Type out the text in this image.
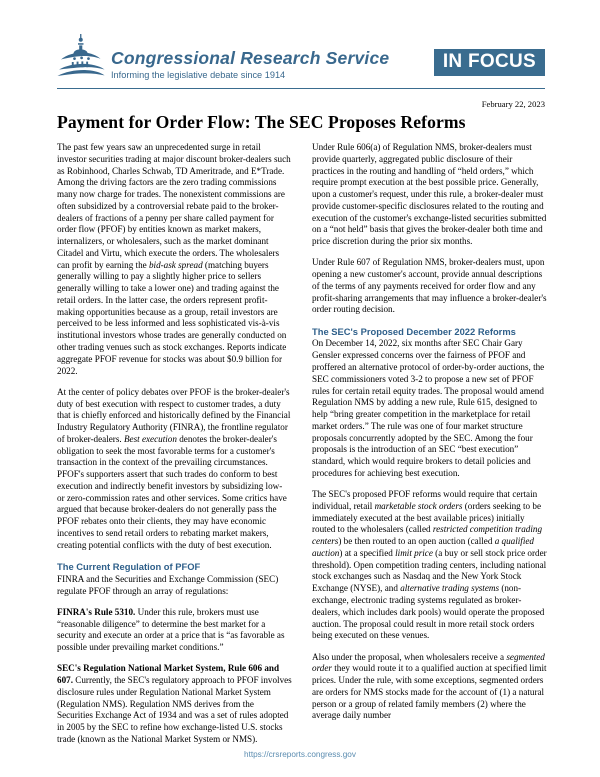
Congressional Research Service
Informing the legislative debate since 1914
IN FOCUS
February 22, 2023
Payment for Order Flow: The SEC Proposes Reforms

The past few years saw an unprecedented surge in retail investor securities trading at major discount broker-dealers such as Robinhood, Charles Schwab, TD Ameritrade, and E*Trade. Among the driving factors are the zero trading commissions many now charge for trades. The nonexistent commissions are often subsidized by a controversial rebate paid to the broker-dealers of fractions of a penny per share called payment for order flow (PFOF) by entities known as market makers, internalizers, or wholesalers, such as the market dominant Citadel and Virtu, which execute the orders. The wholesalers can profit by earning the bid-ask spread (matching buyers generally willing to pay a slightly higher price to sellers generally willing to take a lower one) and trading against the retail orders. In the latter case, the orders represent profit-making opportunities because as a group, retail investors are perceived to be less informed and less sophisticated vis-à-vis institutional investors whose trades are generally conducted on other trading venues such as stock exchanges. Reports indicate aggregate PFOF revenue for stocks was about $0.9 billion for 2022.

At the center of policy debates over PFOF is the broker-dealer's duty of best execution with respect to customer trades, a duty that is chiefly enforced and historically defined by the Financial Industry Regulatory Authority (FINRA), the frontline regulator of broker-dealers. Best execution denotes the broker-dealer's obligation to seek the most favorable terms for a customer's transaction in the context of the prevailing circumstances. PFOF's supporters assert that such trades do conform to best execution and indirectly benefit investors by subsidizing low- or zero-commission rates and other services. Some critics have argued that because broker-dealers do not generally pass the PFOF rebates onto their clients, they may have economic incentives to send retail orders to rebating market makers, creating potential conflicts with the duty of best execution.

The Current Regulation of PFOF

FINRA and the Securities and Exchange Commission (SEC) regulate PFOF through an array of regulations:

FINRA's Rule 5310. Under this rule, brokers must use “reasonable diligence” to determine the best market for a security and execute an order at a price that is “as favorable as possible under prevailing market conditions.”

SEC's Regulation National Market System, Rule 606 and 607. Currently, the SEC's regulatory approach to PFOF involves disclosure rules under Regulation National Market System (Regulation NMS). Regulation NMS derives from the Securities Exchange Act of 1934 and was a set of rules adopted in 2005 by the SEC to refine how exchange-listed U.S. stocks trade (known as the National Market System or NMS).

Under Rule 606(a) of Regulation NMS, broker-dealers must provide quarterly, aggregated public disclosure of their practices in the routing and handling of “held orders,” which require prompt execution at the best possible price. Generally, upon a customer's request, under this rule, a broker-dealer must provide customer-specific disclosures related to the routing and execution of the customer's exchange-listed securities submitted on a “not held” basis that gives the broker-dealer both time and price discretion during the prior six months.

Under Rule 607 of Regulation NMS, broker-dealers must, upon opening a new customer's account, provide annual descriptions of the terms of any payments received for order flow and any profit-sharing arrangements that may influence a broker-dealer's order routing decision.

The SEC's Proposed December 2022 Reforms

On December 14, 2022, six months after SEC Chair Gary Gensler expressed concerns over the fairness of PFOF and proffered an alternative protocol of order-by-order auctions, the SEC commissioners voted 3-2 to propose a new set of PFOF rules for certain retail equity trades. The proposal would amend Regulation NMS by adding a new rule, Rule 615, designed to help “bring greater competition in the marketplace for retail market orders.” The rule was one of four market structure proposals concurrently adopted by the SEC. Among the four proposals is the introduction of an SEC “best execution” standard, which would require brokers to detail policies and procedures for achieving best execution.

The SEC's proposed PFOF reforms would require that certain individual, retail marketable stock orders (orders seeking to be immediately executed at the best available prices) initially routed to the wholesalers (called restricted competition trading centers) be then routed to an open auction (called a qualified auction) at a specified limit price (a buy or sell stock price order threshold). Open competition trading centers, including national stock exchanges such as Nasdaq and the New York Stock Exchange (NYSE), and alternative trading systems (non-exchange, electronic trading systems regulated as broker-dealers, which includes dark pools) would operate the proposed auction. The proposal could result in more retail stock orders being executed on these venues.

Also under the proposal, when wholesalers receive a segmented order they would route it to a qualified auction at specified limit prices. Under the rule, with some exceptions, segmented orders are orders for NMS stocks made for the account of (1) a natural person or a group of related family members (2) where the average daily number

https://crsreports.congress.gov
